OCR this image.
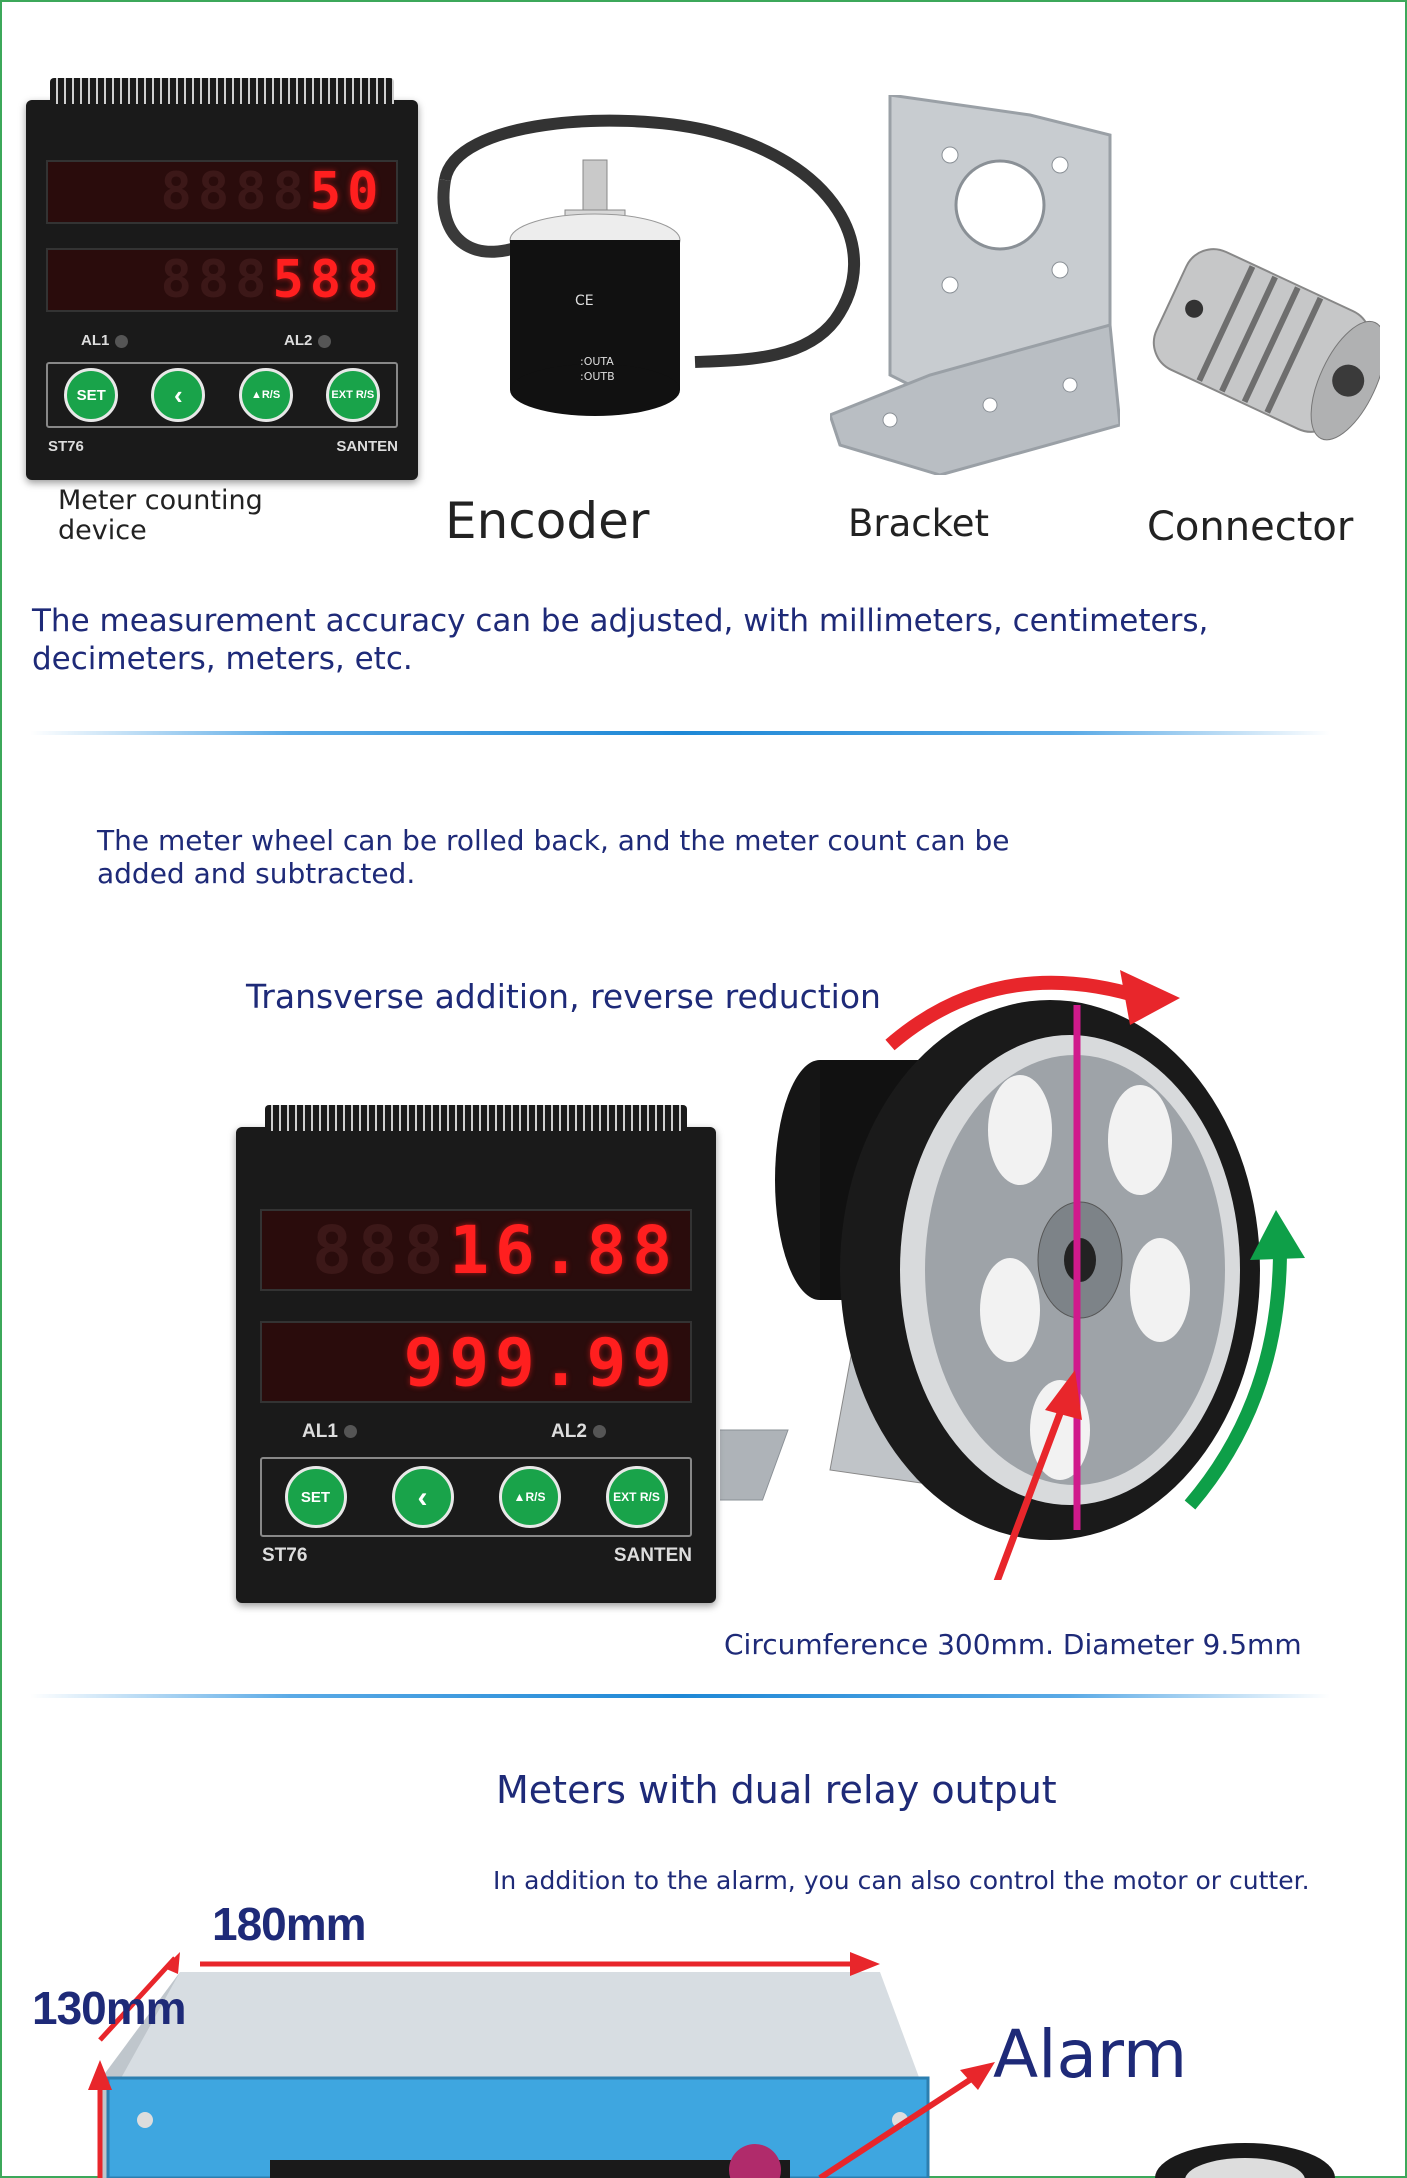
8888 50
888 588
AL1	AL2
SET	‹	▲ R/S	EXT R/S
ST76	SANTEN
CE
:OUTA
:OUTB
Meter counting device	Encoder	Bracket	Connector
The measurement accuracy can be adjusted, with millimeters, centimeters, decimeters, meters, etc.
The meter wheel can be rolled back, and the meter count can be added and subtracted.
Transverse addition, reverse reduction
888 16.88
999.99
AL1	AL2
SET	‹	▲ R/S	EXT R/S
ST76	SANTEN
Circumference 300mm. Diameter 9.5mm
Meters with dual relay output
In addition to the alarm, you can also control the motor or cutter.
180mm
130mm
Alarm
